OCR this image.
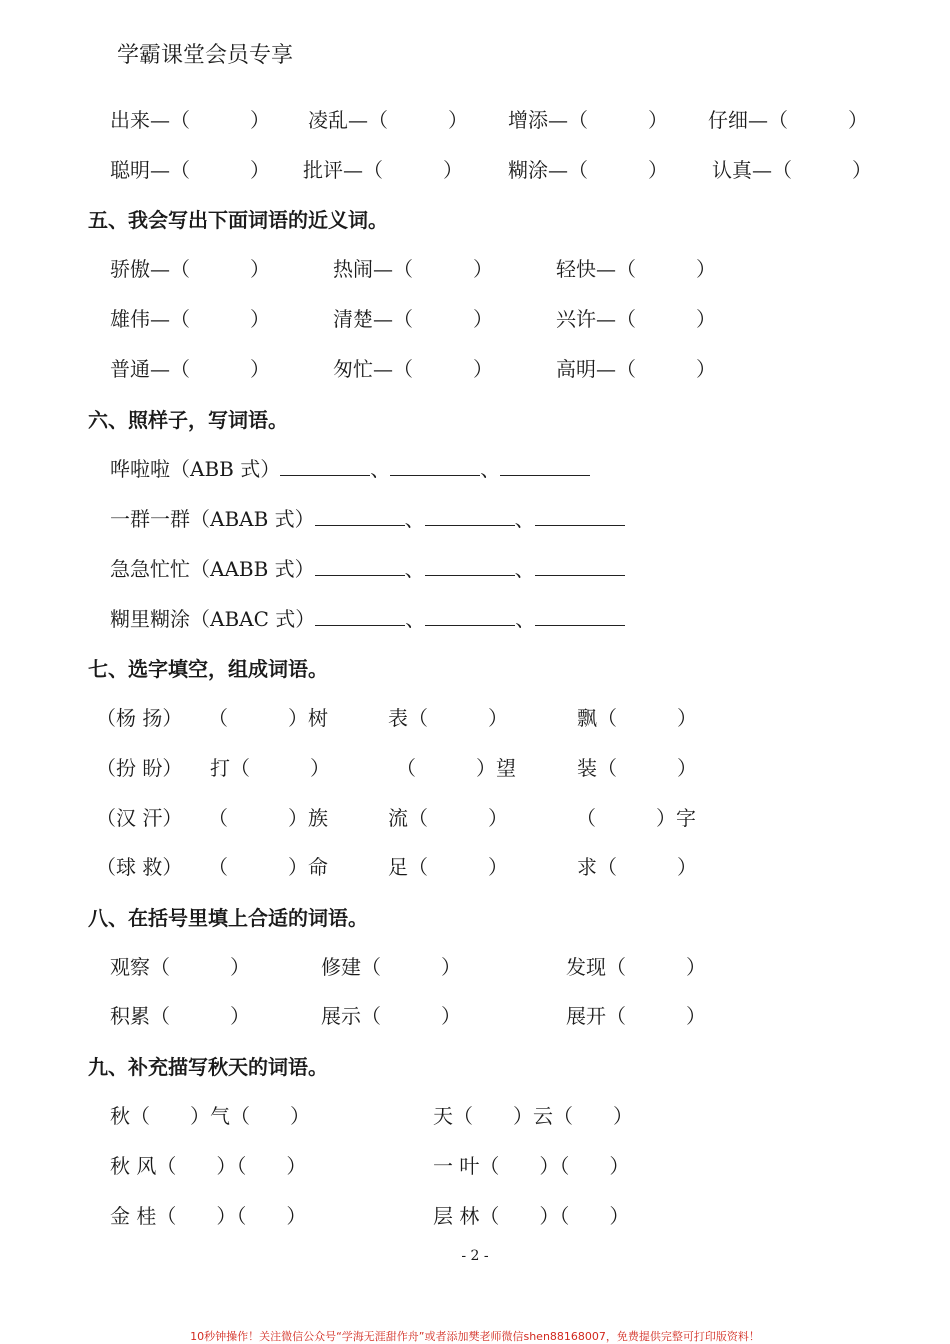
学霸课堂会员专享
出来—（　　　） 凌乱—（　　　） 增添—（　　　） 仔细—（　　　）
聪明—（　　　） 批评—（　　　） 糊涂—（　　　） 认真—（　　　）
五、我会写出下面词语的近义词。
骄傲—（　　　）	热闹—（　　　）	轻快—（　　　）
雄伟—（　　　）	清楚—（　　　）	兴许—（　　　）
普通—（　　　）	匆忙—（　　　）	高明—（　　　）
六、照样子，写词语。
哗啦啦（ABB 式）	、	、
一群一群（ABAB 式）	、	、
急急忙忙（AABB 式）	、	、
糊里糊涂（ABAC 式）	、	、
七、选字填空，组成词语。
（杨 扬） （　　　）树	表（　　　）	飘（　　　）
（扮 盼） 打（　　　）	（　　　）望	装（　　　）
（汉 汗） （　　　）族	流（　　　）	（　　　）字
（球 救） （　　　）命	足（　　　）	求（　　　）
八、在括号里填上合适的词语。
观察（　　　）	修建（　　　）	发现（　　　）
积累（　　　）	展示（　　　）	展开（　　　）
九、补充描写秋天的词语。
秋（　　）气（　　）	天（　　）云（　　）
秋 风（　　）（　　）	一 叶（　　）（　　）
金 桂（　　）（　　）	层 林（　　）（　　）
- 2 -
10秒钟操作！关注微信公众号“学海无涯甜作舟”或者添加樊老师微信shen88168007，免费提供完整可打印版资料！
